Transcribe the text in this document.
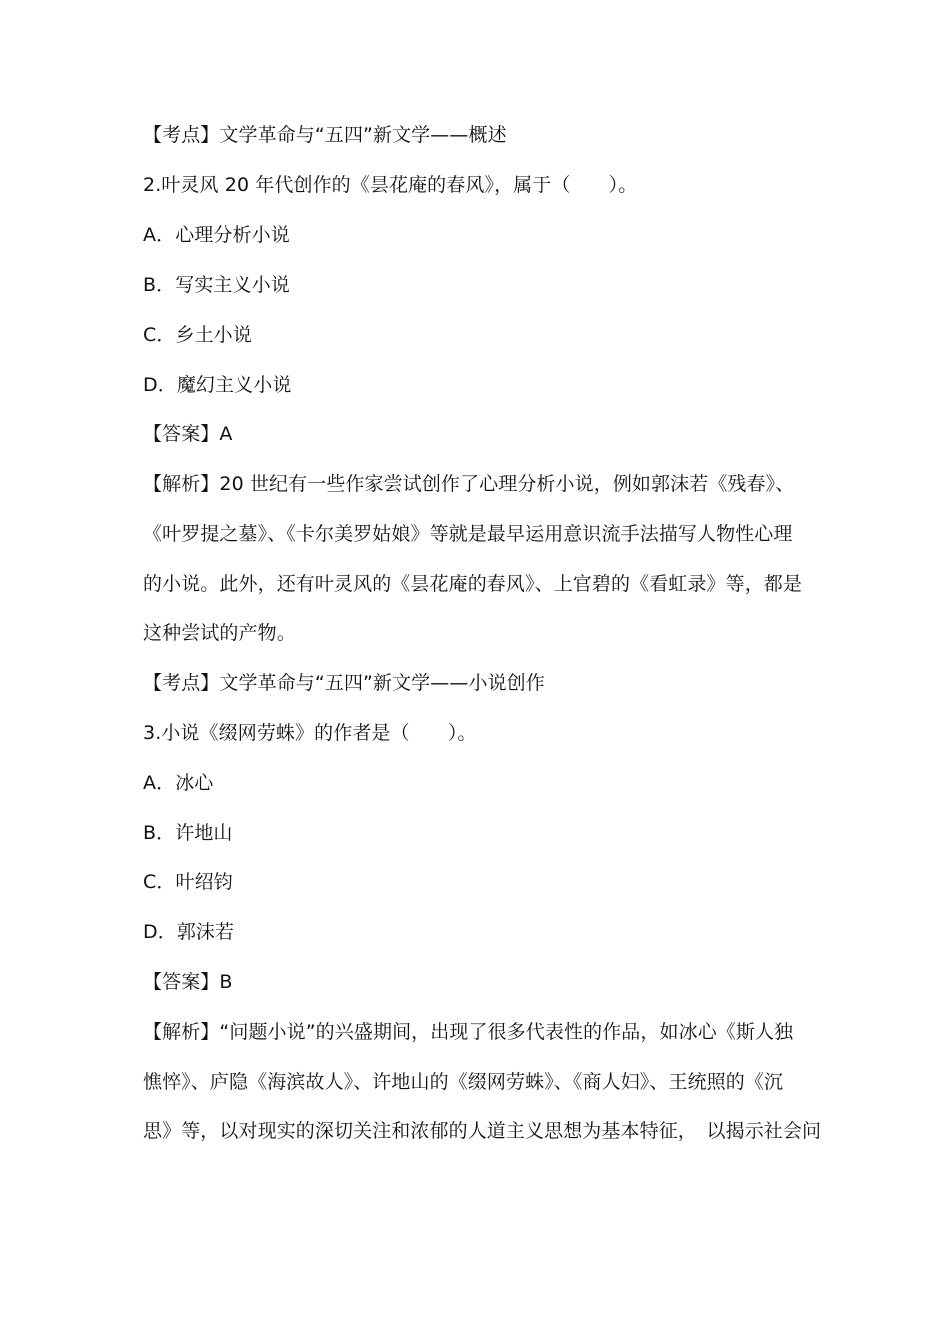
【考点】文学革命与“五四”新文学——概述
2.叶灵风 20 年代创作的《昙花庵的春风》，属于（　　）。
A．心理分析小说
B．写实主义小说
C．乡土小说
D．魔幻主义小说
【答案】A
【解析】20 世纪有一些作家尝试创作了心理分析小说，例如郭沫若《残春》、
《叶罗提之墓》、《卡尔美罗姑娘》等就是最早运用意识流手法描写人物性心理
的小说。此外，还有叶灵风的《昙花庵的春风》、上官碧的《看虹录》等，都是
这种尝试的产物。
【考点】文学革命与“五四”新文学——小说创作
3.小说《缀网劳蛛》的作者是（　　）。
A．冰心
B．许地山
C．叶绍钧
D．郭沫若
【答案】B
【解析】“问题小说”的兴盛期间，出现了很多代表性的作品，如冰心《斯人独
憔悴》、庐隐《海滨故人》、许地山的《缀网劳蛛》、《商人妇》、王统照的《沉
思》等，以对现实的深切关注和浓郁的人道主义思想为基本特征，　以揭示社会问
